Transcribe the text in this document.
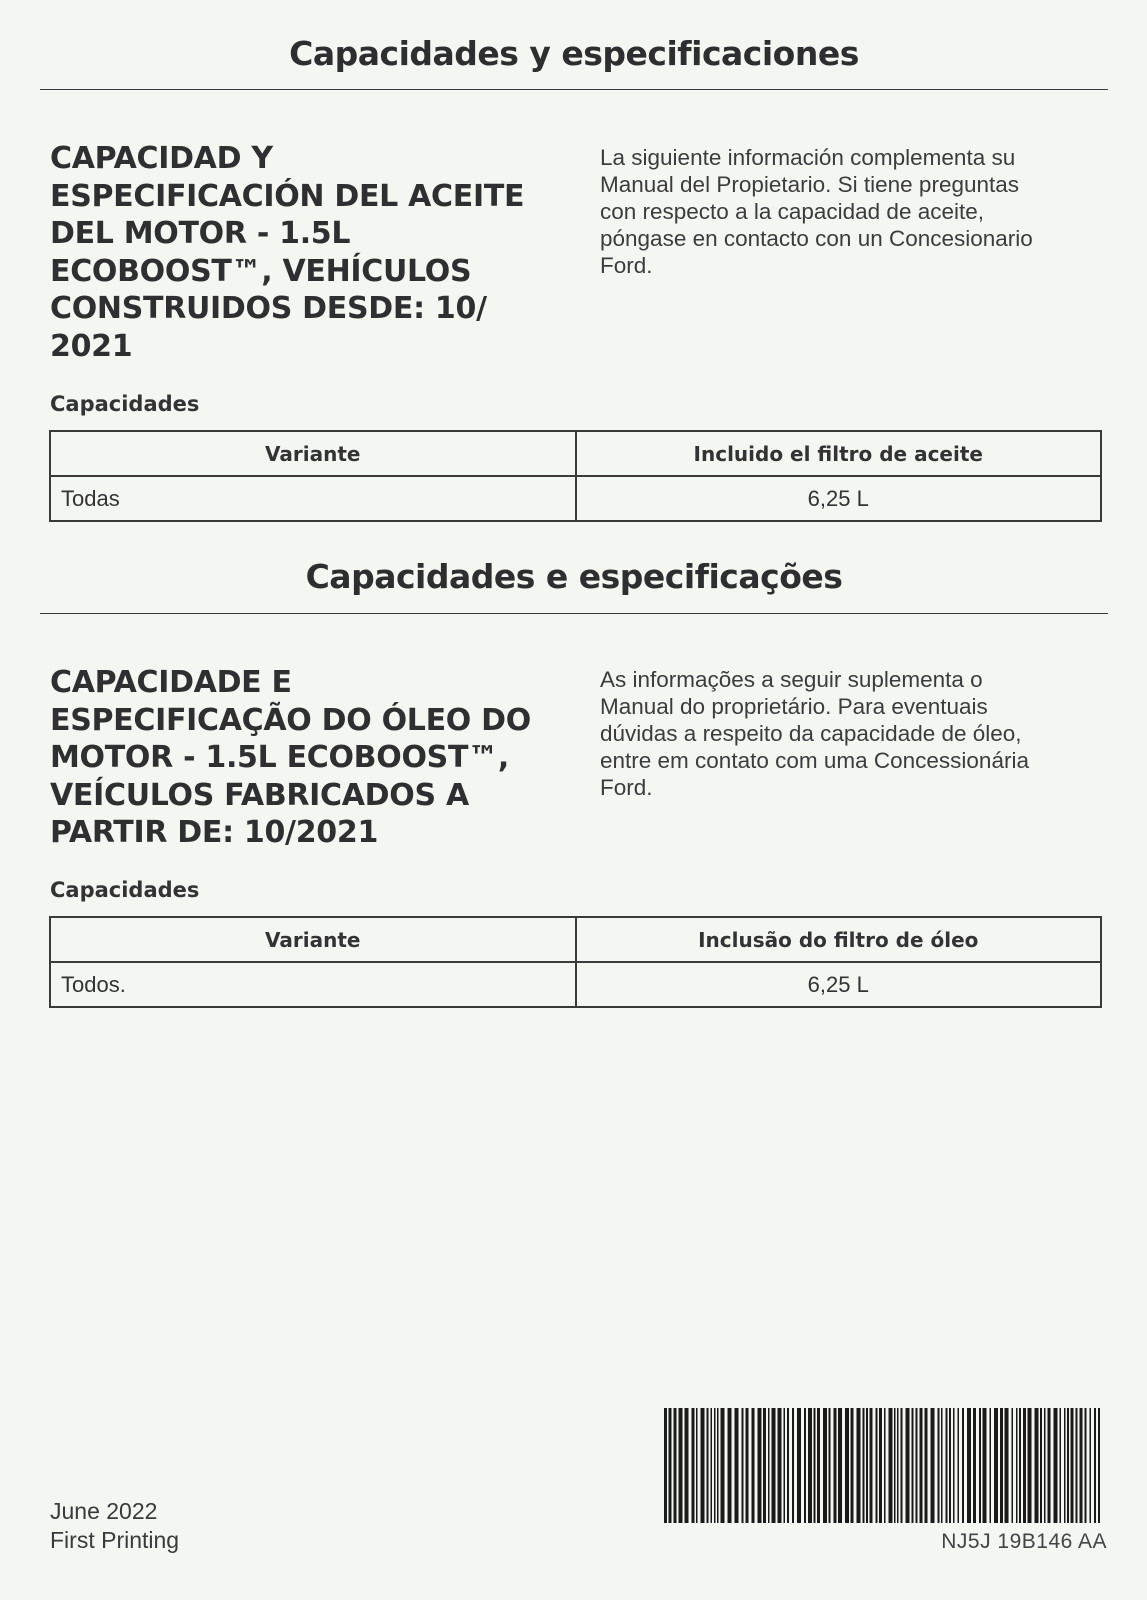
Capacidades y especificaciones
CAPACIDAD Y
ESPECIFICACIÓN DEL ACEITE
DEL MOTOR - 1.5L
ECOBOOST™, VEHÍCULOS
CONSTRUIDOS DESDE: 10/
2021

La siguiente información complementa su
Manual del Propietario. Si tiene preguntas
con respecto a la capacidad de aceite,
póngase en contacto con un Concesionario
Ford.

Capacidades
Variante	Incluido el filtro de aceite
Todas	6,25 L
Capacidades e especificações
CAPACIDADE E
ESPECIFICAÇÃO DO ÓLEO DO
MOTOR - 1.5L ECOBOOST™,
VEÍCULOS FABRICADOS A
PARTIR DE: 10/2021

As informações a seguir suplementa o
Manual do proprietário. Para eventuais
dúvidas a respeito da capacidade de óleo,
entre em contato com uma Concessionária
Ford.

Capacidades
Variante	Inclusão do filtro de óleo
Todos.	6,25 L

June 2022

First Printing	NJ5J 19B146 AA
